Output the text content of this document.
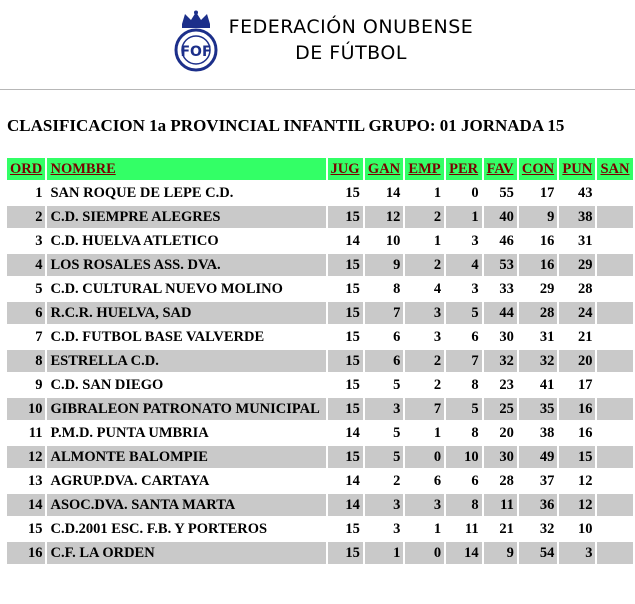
FOF
FEDERACIÓN ONUBENSE
DE FÚTBOL
CLASIFICACION 1a PROVINCIAL INFANTIL GRUPO: 01 JORNADA 15
ORD	NOMBRE	JUG	GAN	EMP	PER	FAV	CON	PUN	SAN
1	SAN ROQUE DE LEPE C.D.	15	14	1	0	55	17	43	
2	C.D. SIEMPRE ALEGRES	15	12	2	1	40	9	38	
3	C.D. HUELVA ATLETICO	14	10	1	3	46	16	31	
4	LOS ROSALES ASS. DVA.	15	9	2	4	53	16	29	
5	C.D. CULTURAL NUEVO MOLINO	15	8	4	3	33	29	28	
6	R.C.R. HUELVA, SAD	15	7	3	5	44	28	24	
7	C.D. FUTBOL BASE VALVERDE	15	6	3	6	30	31	21	
8	ESTRELLA C.D.	15	6	2	7	32	32	20	
9	C.D. SAN DIEGO	15	5	2	8	23	41	17	
10	GIBRALEON PATRONATO MUNICIPAL	15	3	7	5	25	35	16	
11	P.M.D. PUNTA UMBRIA	14	5	1	8	20	38	16	
12	ALMONTE BALOMPIE	15	5	0	10	30	49	15	
13	AGRUP.DVA. CARTAYA	14	2	6	6	28	37	12	
14	ASOC.DVA. SANTA MARTA	14	3	3	8	11	36	12	
15	C.D.2001 ESC. F.B. Y PORTEROS	15	3	1	11	21	32	10	
16	C.F. LA ORDEN	15	1	0	14	9	54	3	
